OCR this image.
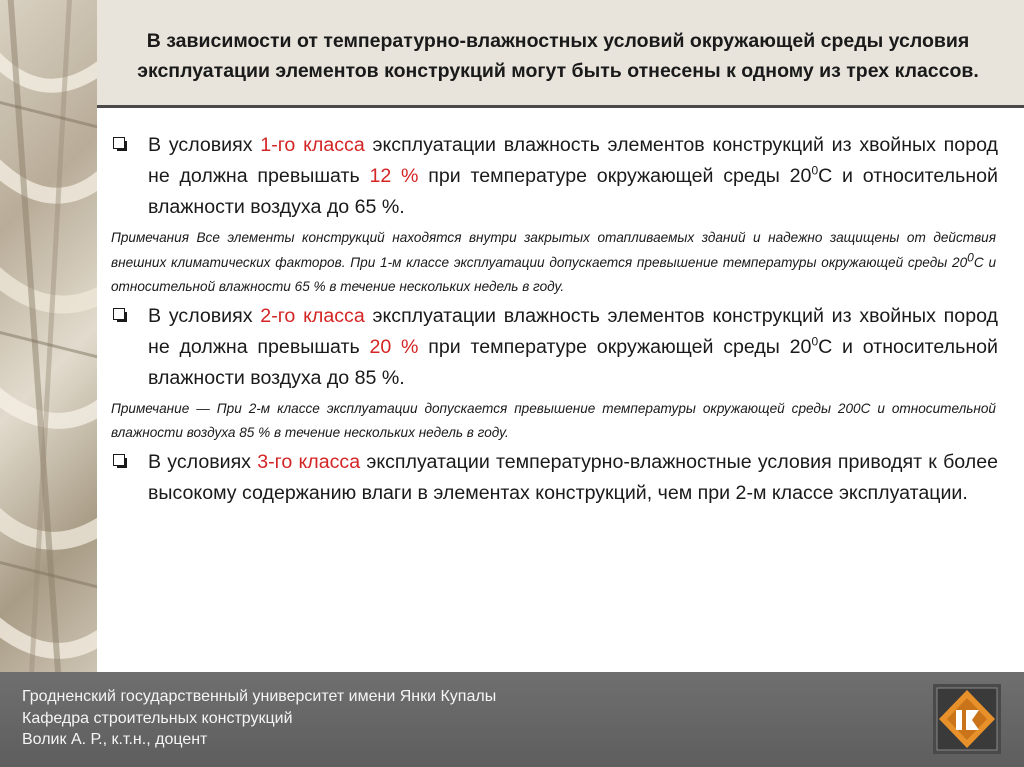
В зависимости от температурно-влажностных условий окружающей среды условия эксплуатации элементов конструкций могут быть отнесены к одному из трех классов.

В условиях 1-го класса эксплуатации влажность элементов конструкций из хвойных пород не должна превышать 12 % при температуре окружающей среды $20^0С$ и относительной влажности воздуха до 65 %.

Примечания Все элементы конструкций находятся внутри закрытых отапливаемых зданий и надежно защищены от действия внешних климатических факторов. При 1-м классе эксплуатации допускается превышение температуры окружающей среды $20^0С$ и относительной влажности 65 % в течение нескольких недель в году.

В условиях 2-го класса эксплуатации влажность элементов конструкций из хвойных пород не должна превышать 20 % при температуре окружающей среды $20^0С$ и относительной влажности воздуха до 85 %.

Примечание — При 2-м классе эксплуатации допускается превышение температуры окружающей среды 200С и относительной влажности воздуха 85 % в течение нескольких недель в году.

В условиях 3-го класса эксплуатации температурно-влажностные условия приводят к более высокому содержанию влаги в элементах конструкций, чем при 2-м классе эксплуатации.

Гродненский государственный университет имени Янки Купалы
Кафедра строительных конструкций
Волик А. Р., к.т.н., доцент
